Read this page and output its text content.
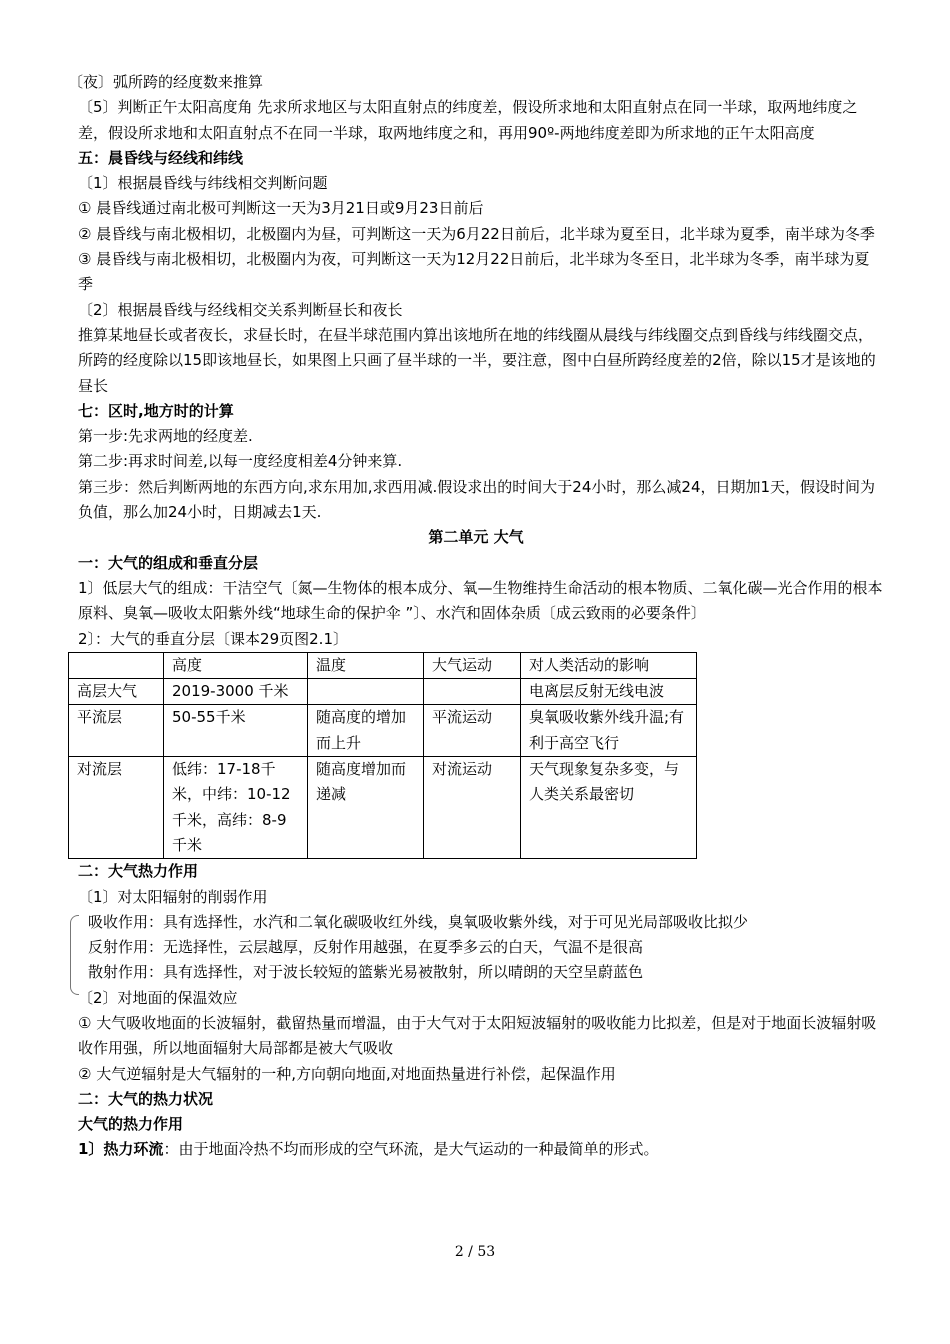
〔夜〕弧所跨的经度数来推算

〔5〕判断正午太阳高度角 先求所求地区与太阳直射点的纬度差，假设所求地和太阳直射点在同一半球，取两地纬度之差，假设所求地和太阳直射点不在同一半球，取两地纬度之和，再用90º-两地纬度差即为所求地的正午太阳高度

五：晨昏线与经线和纬线

〔1〕根据晨昏线与纬线相交判断问题

① 晨昏线通过南北极可判断这一天为3月21日或9月23日前后

② 晨昏线与南北极相切，北极圈内为昼，可判断这一天为6月22日前后，北半球为夏至日，北半球为夏季，南半球为冬季

③ 晨昏线与南北极相切，北极圈内为夜，可判断这一天为12月22日前后，北半球为冬至日，北半球为冬季，南半球为夏季

〔2〕根据晨昏线与经线相交关系判断昼长和夜长

推算某地昼长或者夜长，求昼长时，在昼半球范围内算出该地所在地的纬线圈从晨线与纬线圈交点到昏线与纬线圈交点，所跨的经度除以15即该地昼长，如果图上只画了昼半球的一半，要注意，图中白昼所跨经度差的2倍，除以15才是该地的昼长

七：区时,地方时的计算

第一步:先求两地的经度差.

第二步:再求时间差,以每一度经度相差4分钟来算.

第三步：然后判断两地的东西方向,求东用加,求西用减.假设求出的时间大于24小时，那么减24，日期加1天，假设时间为负值，那么加24小时，日期减去1天.

第二单元 大气

一：大气的组成和垂直分层

1〕低层大气的组成：干洁空气〔氮—生物体的根本成分、氧—生物维持生命活动的根本物质、二氧化碳—光合作用的根本原料、臭氧—吸收太阳紫外线“地球生命的保护伞 ”〕、水汽和固体杂质〔成云致雨的必要条件〕

2〕：大气的垂直分层〔课本29页图2.1〕

	高度	温度	大气运动	对人类活动的影响
高层大气	2019-3000 千米			电离层反射无线电波
平流层	50-55千米	随高度的增加而上升	平流运动	臭氧吸收紫外线升温;有利于高空飞行
对流层	低纬：17-18千米，中纬：10-12千米，高纬：8-9千米	随高度增加而递减	对流运动	天气现象复杂多变，与人类关系最密切

二：大气热力作用

〔1〕对太阳辐射的削弱作用

吸收作用：具有选择性，水汽和二氧化碳吸收红外线，臭氧吸收紫外线，对于可见光局部吸收比拟少

反射作用：无选择性，云层越厚，反射作用越强，在夏季多云的白天，气温不是很高

散射作用：具有选择性，对于波长较短的篮紫光易被散射，所以晴朗的天空呈蔚蓝色

〔2〕对地面的保温效应

① 大气吸收地面的长波辐射，截留热量而增温，由于大气对于太阳短波辐射的吸收能力比拟差，但是对于地面长波辐射吸收作用强，所以地面辐射大局部都是被大气吸收

② 大气逆辐射是大气辐射的一种,方向朝向地面,对地面热量进行补偿，起保温作用

二：大气的热力状况

大气的热力作用

1〕热力环流：由于地面冷热不均而形成的空气环流，是大气运动的一种最简单的形式。

2 / 53
